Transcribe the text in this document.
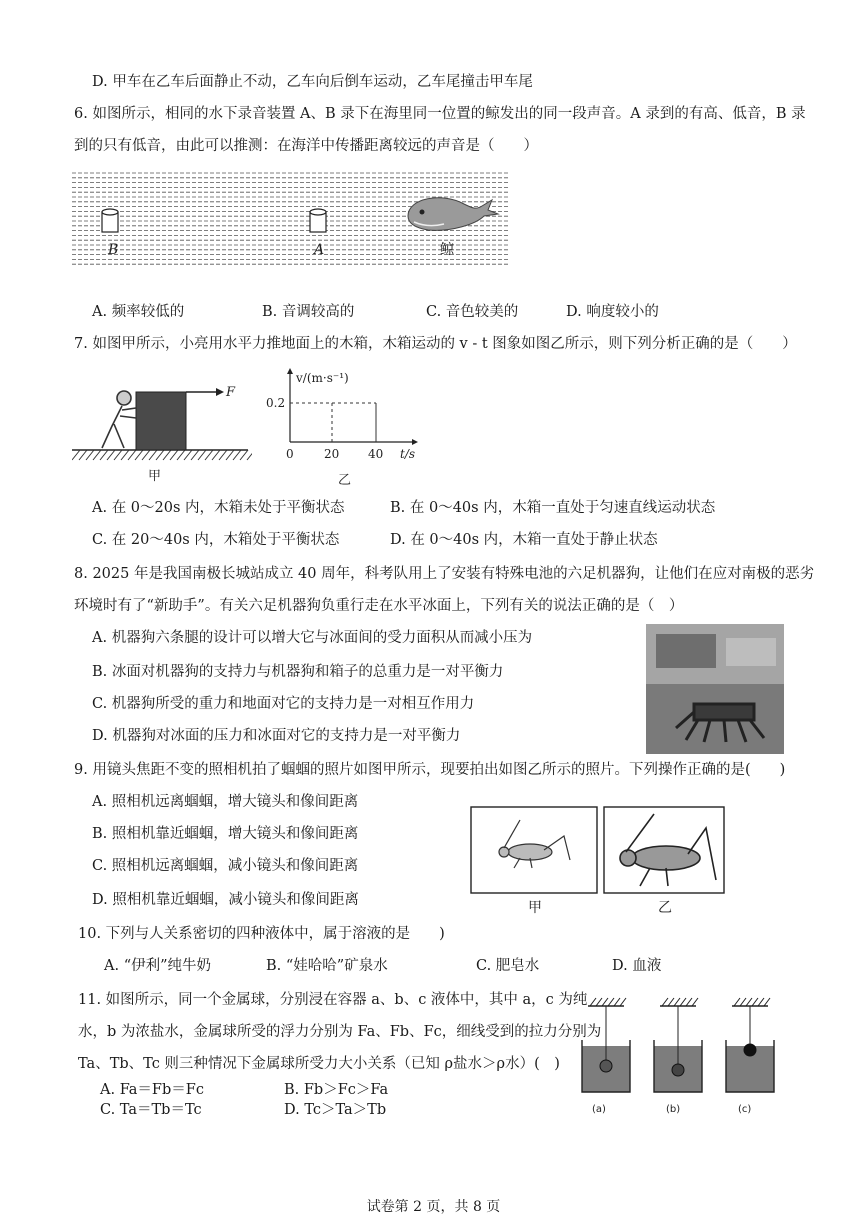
D. 甲车在乙车后面静止不动，乙车向后倒车运动，乙车尾撞击甲车尾
6. 如图所示，相同的水下录音装置 A、B 录下在海里同一位置的鲸发出的同一段声音。A 录到的有高、低音，B 录
到的只有低音，由此可以推测：在海洋中传播距离较远的声音是（　　）
B	A	鲸
A. 频率较低的	B. 音调较高的	C. 音色较美的	D. 响度较小的
7. 如图甲所示，小亮用水平力推地面上的木箱，木箱运动的 v - t 图象如图乙所示，则下列分析正确的是（　　）
F
甲
v/(m·s⁻¹)
0.2
0	20 40 t/s
乙
A. 在 0～20s 内，木箱未处于平衡状态	B. 在 0～40s 内，木箱一直处于匀速直线运动状态
C. 在 20～40s 内，木箱处于平衡状态	D. 在 0～40s 内，木箱一直处于静止状态
8. 2025 年是我国南极长城站成立 40 周年，科考队用上了安装有特殊电池的六足机器狗，让他们在应对南极的恶劣
环境时有了“新助手”。有关六足机器狗负重行走在水平冰面上，下列有关的说法正确的是（　）
A. 机器狗六条腿的设计可以增大它与冰面间的受力面积从而减小压为
B. 冰面对机器狗的支持力与机器狗和箱子的总重力是一对平衡力
C. 机器狗所受的重力和地面对它的支持力是一对相互作用力
D. 机器狗对冰面的压力和冰面对它的支持力是一对平衡力
9. 用镜头焦距不变的照相机拍了蝈蝈的照片如图甲所示，现要拍出如图乙所示的照片。下列操作正确的是(　　)
A. 照相机远离蝈蝈，增大镜头和像间距离
B. 照相机靠近蝈蝈，增大镜头和像间距离
C. 照相机远离蝈蝈，减小镜头和像间距离
D. 照相机靠近蝈蝈，减小镜头和像间距离	甲	乙
10. 下列与人关系密切的四种液体中，属于溶液的是　　)
A. “伊利”纯牛奶	B. “娃哈哈”矿泉水	C. 肥皂水	D. 血液
11. 如图所示，同一个金属球，分别浸在容器 a、b、c 液体中，其中 a，c 为纯
水，b 为浓盐水，金属球所受的浮力分别为 Fa、Fb、Fc，细线受到的拉力分别为
Ta、Tb、Tc 则三种情况下金属球所受力大小关系（已知 ρ盐水＞ρ水）(　)
A. Fa＝Fb＝Fc	B. Fb＞Fc＞Fa
C. Ta＝Tb＝Tc	D. Tc＞Ta＞Tb	(a)	(b)	(c)
试卷第 2 页，共 8 页
